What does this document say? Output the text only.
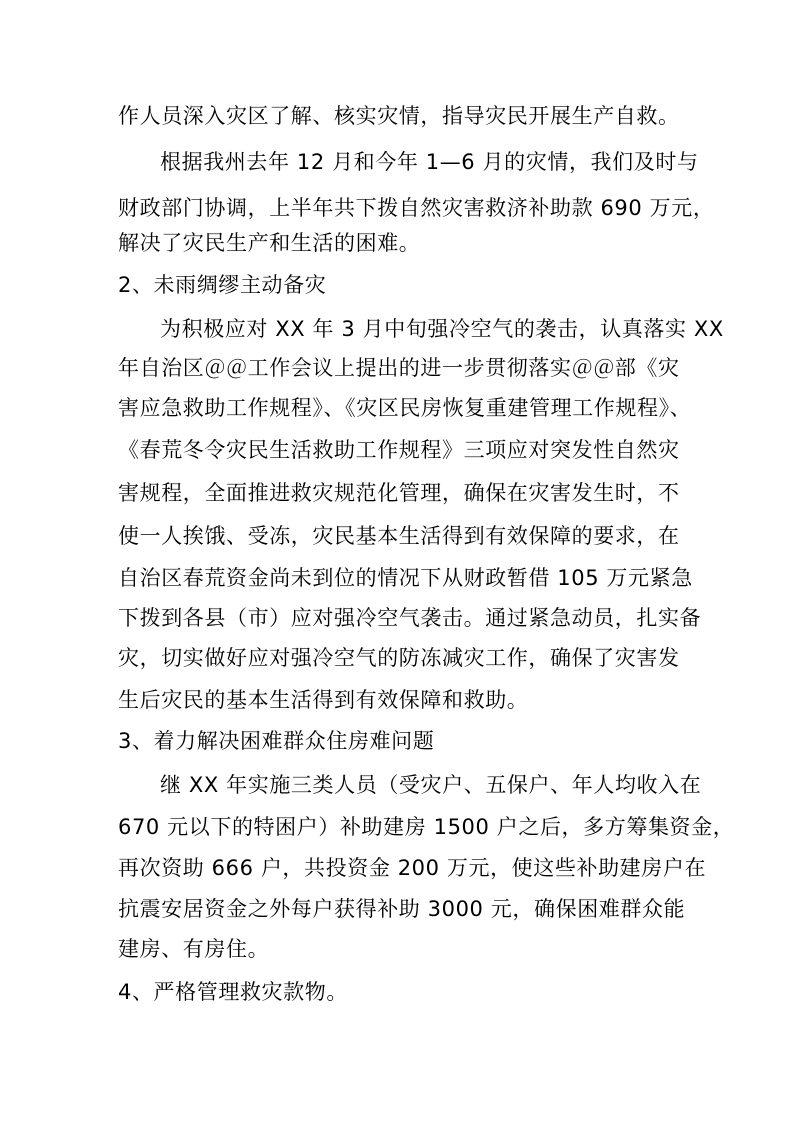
作人员深入灾区了解、核实灾情，指导灾民开展生产自救。
根据我州去年 12 月和今年 1—6 月的灾情，我们及时与
财政部门协调，上半年共下拨自然灾害救济补助款 690 万元，
解决了灾民生产和生活的困难。
2、未雨绸缪主动备灾
为积极应对 XX 年 3 月中旬强冷空气的袭击，认真落实 XX
年自治区＠＠工作会议上提出的进一步贯彻落实＠＠部《灾
害应急救助工作规程》、《灾区民房恢复重建管理工作规程》、
《春荒冬令灾民生活救助工作规程》三项应对突发性自然灾
害规程，全面推进救灾规范化管理，确保在灾害发生时，不
使一人挨饿、受冻，灾民基本生活得到有效保障的要求，在
自治区春荒资金尚未到位的情况下从财政暂借 105 万元紧急
下拨到各县（市）应对强冷空气袭击。通过紧急动员，扎实备
灾，切实做好应对强冷空气的防冻减灾工作，确保了灾害发
生后灾民的基本生活得到有效保障和救助。
3、着力解决困难群众住房难问题
继 XX 年实施三类人员（受灾户、五保户、年人均收入在
670 元以下的特困户）补助建房 1500 户之后，多方筹集资金，
再次资助 666 户，共投资金 200 万元，使这些补助建房户在
抗震安居资金之外每户获得补助 3000 元，确保困难群众能
建房、有房住。
4、严格管理救灾款物。
